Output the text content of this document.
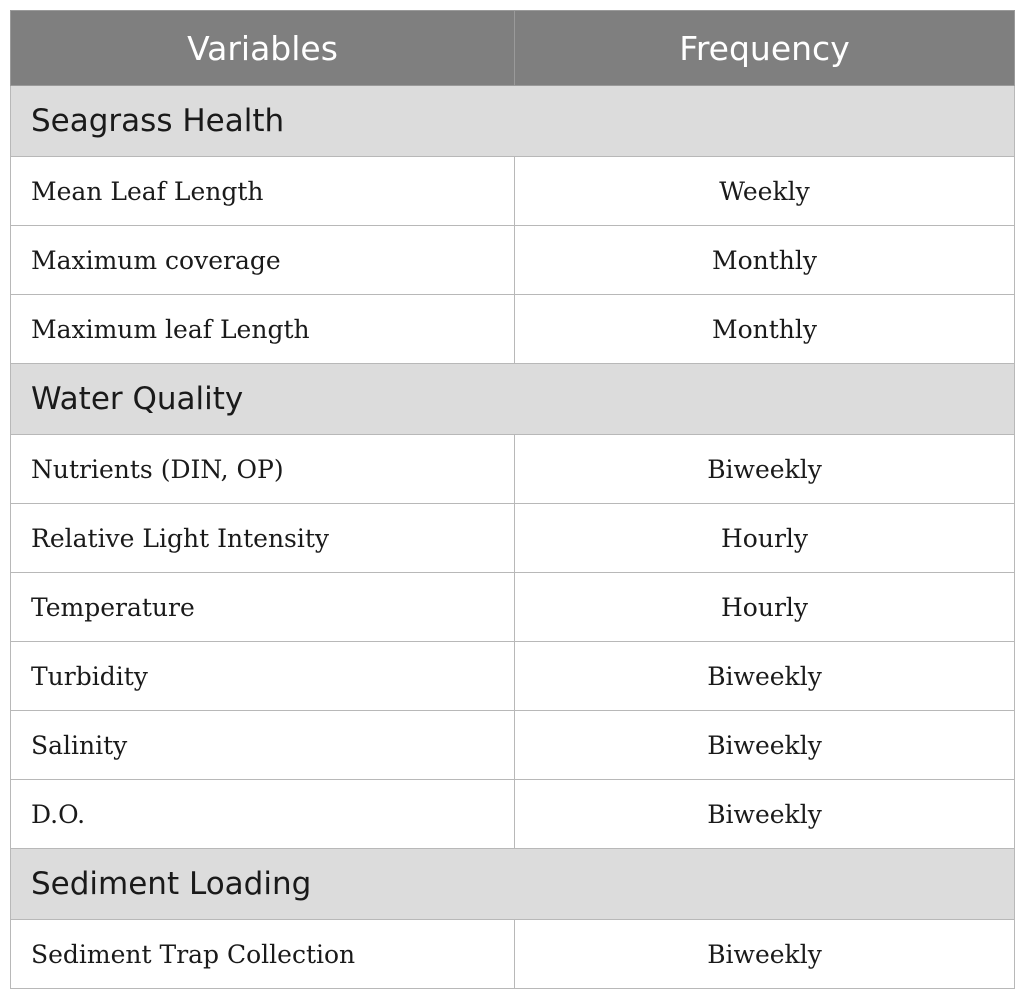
Variables	Frequency
Seagrass Health	
Mean Leaf Length	Weekly
Maximum coverage	Monthly
Maximum leaf Length	Monthly
Water Quality	
Nutrients (DIN, OP)	Biweekly
Relative Light Intensity	Hourly
Temperature	Hourly
Turbidity	Biweekly
Salinity	Biweekly
D.O.	Biweekly
Sediment Loading	
Sediment Trap Collection	Biweekly
